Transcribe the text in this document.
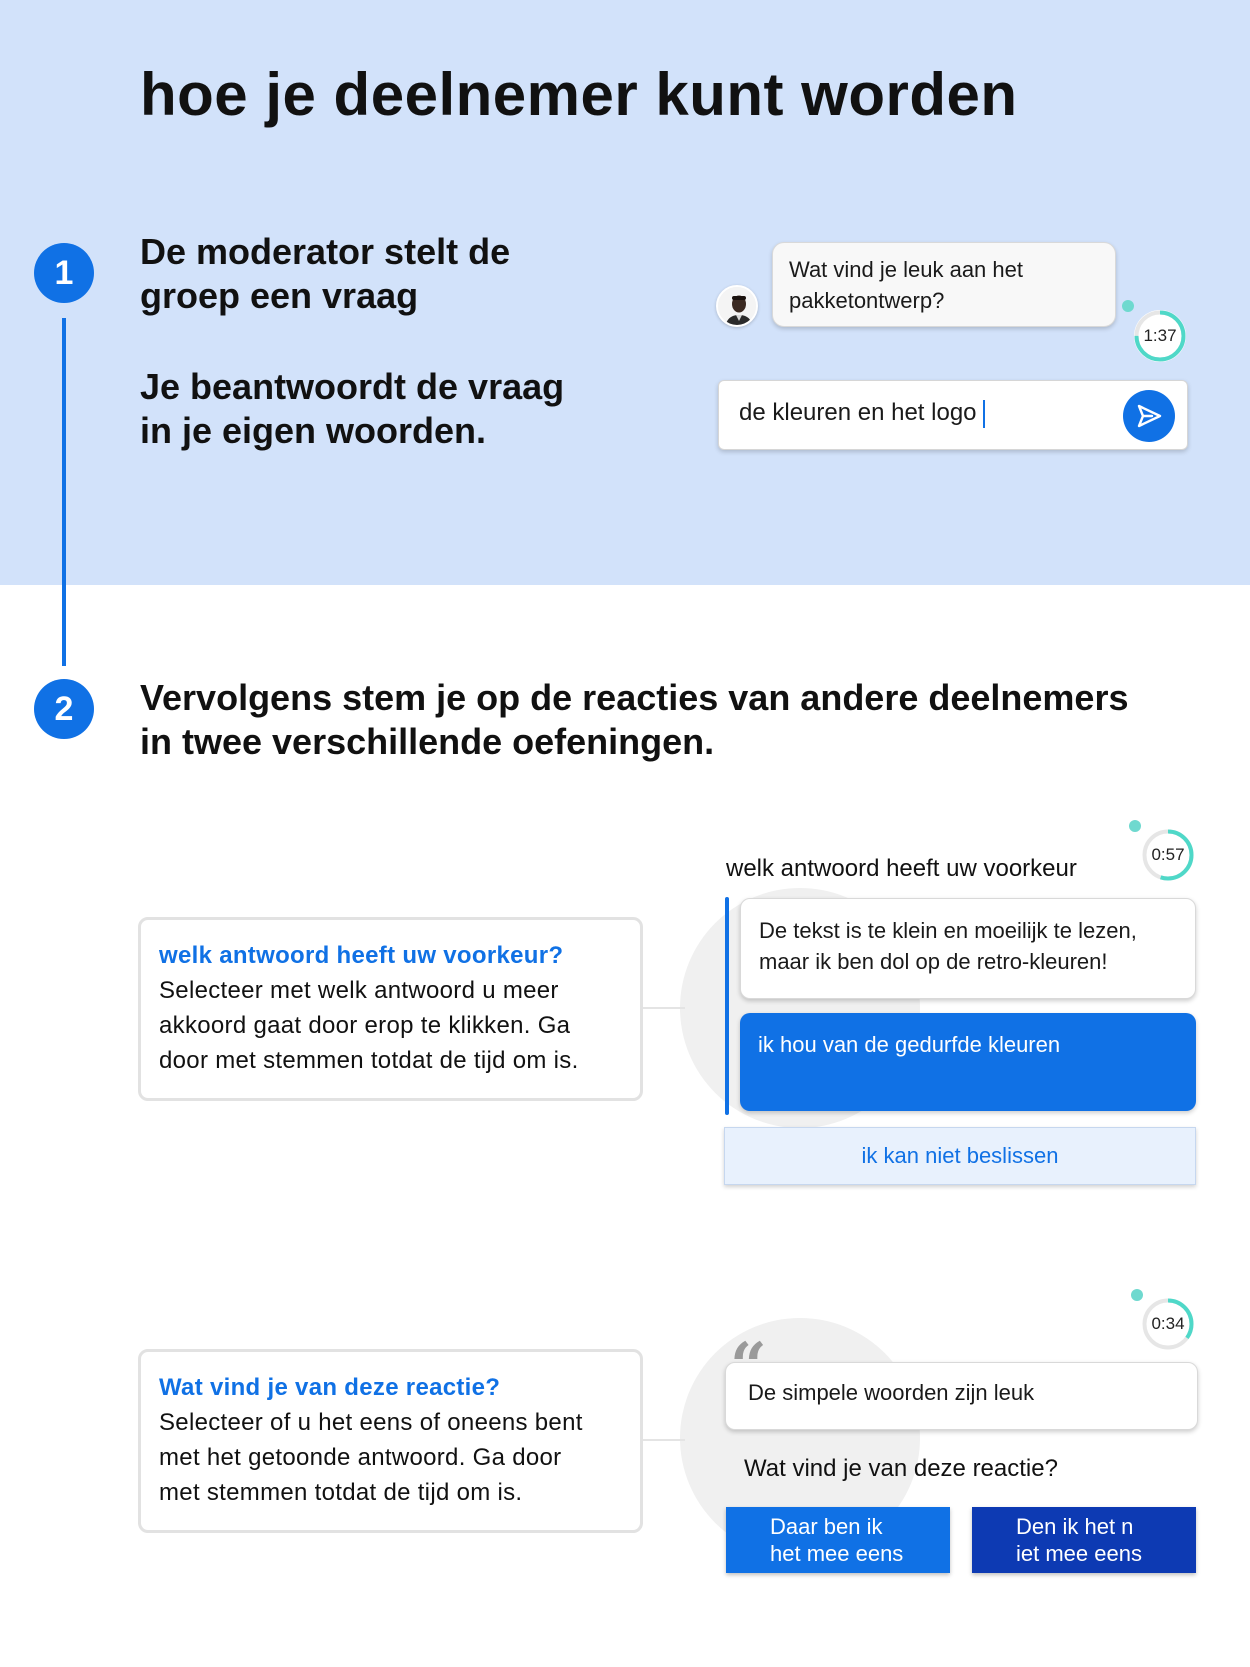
hoe je deelnemer kunt worden
1
2
De moderator stelt de
groep een vraag
Je beantwoordt de vraag
in je eigen woorden.
Wat vind je leuk aan het
pakketontwerp?
1:37
de kleuren en het logo
Vervolgens stem je op de reacties van andere deelnemers
in twee verschillende oefeningen.
welk antwoord heeft uw voorkeur?
Selecteer met welk antwoord u meer
akkoord gaat door erop te klikken. Ga
door met stemmen totdat de tijd om is.
welk antwoord heeft uw voorkeur
0:57
De tekst is te klein en moeilijk te lezen,
maar ik ben dol op de retro-kleuren!
ik hou van de gedurfde kleuren
ik kan niet beslissen
Wat vind je van deze reactie?
Selecteer of u het eens of oneens bent
met het getoonde antwoord. Ga door
met stemmen totdat de tijd om is.
0:34
De simpele woorden zijn leuk
Wat vind je van deze reactie?
Daar ben ik
het mee eens
Den ik het n
iet mee eens
